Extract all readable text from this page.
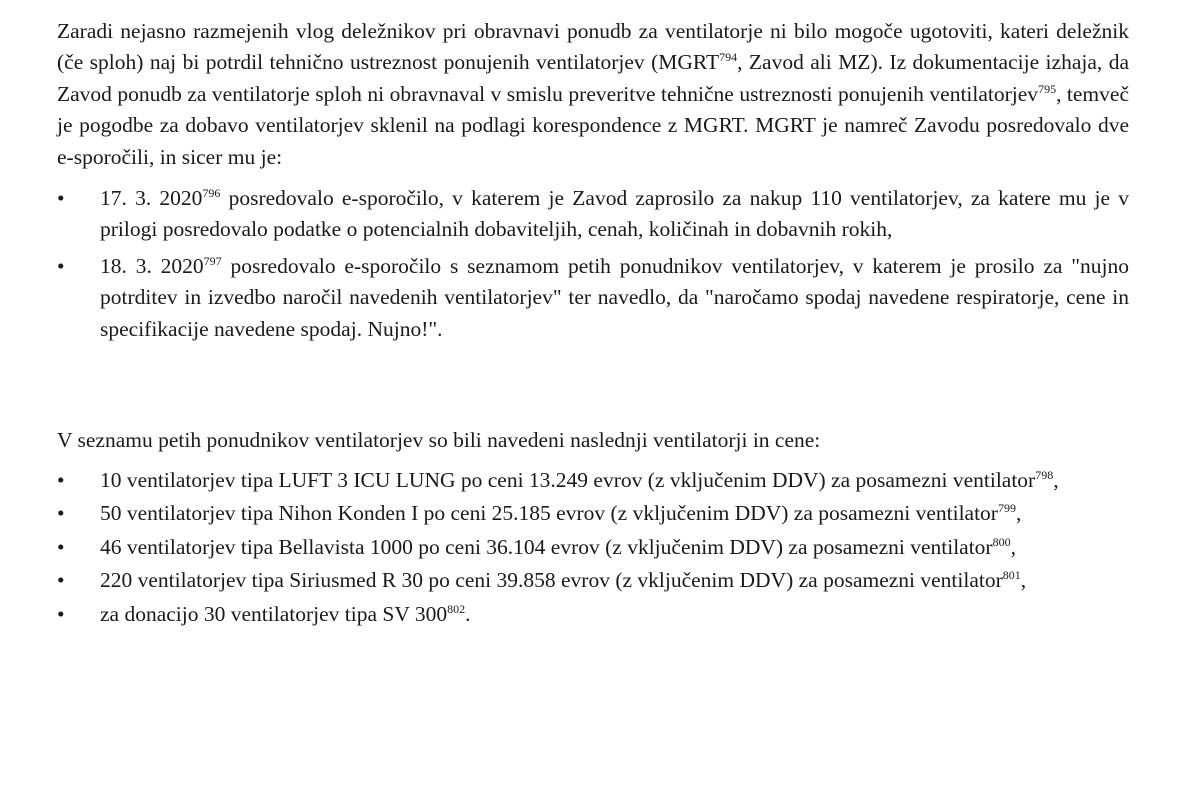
Zaradi nejasno razmejenih vlog deležnikov pri obravnavi ponudb za ventilatorje ni bilo mogoče ugotoviti, kateri deležnik (če sploh) naj bi potrdil tehnično ustreznost ponujenih ventilatorjev (MGRT$^{794}$, Zavod ali MZ). Iz dokumentacije izhaja, da Zavod ponudb za ventilatorje sploh ni obravnaval v smislu preveritve tehnične ustreznosti ponujenih ventilatorjev$^{795}$, temveč je pogodbe za dobavo ventilatorjev sklenil na podlagi korespondence z MGRT. MGRT je namreč Zavodu posredovalo dve e-sporočili, in sicer mu je:

•	17. 3. 2020$^{796}$ posredovalo e-sporočilo, v katerem je Zavod zaprosilo za nakup 110 ventilatorjev, za katere mu je v prilogi posredovalo podatke o potencialnih dobaviteljih, cenah, količinah in dobavnih rokih,
•	18. 3. 2020$^{797}$ posredovalo e-sporočilo s seznamom petih ponudnikov ventilatorjev, v katerem je prosilo za "nujno potrditev in izvedbo naročil navedenih ventilatorjev" ter navedlo, da "naročamo spodaj navedene respiratorje, cene in specifikacije navedene spodaj. Nujno!".

V seznamu petih ponudnikov ventilatorjev so bili navedeni naslednji ventilatorji in cene:

•	10 ventilatorjev tipa LUFT 3 ICU LUNG po ceni 13.249 evrov (z vključenim DDV) za posamezni ventilator$^{798}$,
•	50 ventilatorjev tipa Nihon Konden I po ceni 25.185 evrov (z vključenim DDV) za posamezni ventilator$^{799}$,
•	46 ventilatorjev tipa Bellavista 1000 po ceni 36.104 evrov (z vključenim DDV) za posamezni ventilator$^{800}$,
•	220 ventilatorjev tipa Siriusmed R 30 po ceni 39.858 evrov (z vključenim DDV) za posamezni ventilator$^{801}$,
•	za donacijo 30 ventilatorjev tipa SV $300^{802}$.
